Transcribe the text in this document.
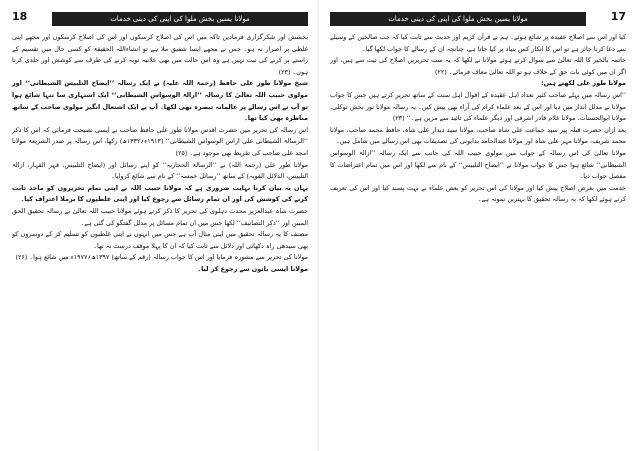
18	مولانا یسین بخش ملوا کی اپنی کی دینی خدمات

بخشش اور شکرگزاری فرمادیں تاکہ میں اس کی اصلاح کرسکوں اور اس کی اصلاح کرسکوں اور مجھے اپنی غلطی پر اصرار نہ ہو۔ جس نے مجھے ایسا شفیق ملا ہے تو انشاءاللہ الحقیقۃ کو کسی حال میں تقسیم کے راستے پر کرنے کی نیت نہیں ہے وہ اس حالت میں بھی علانیہ توبہ کرنے کی طرف سے کوشش اور جلدی کرتا ہوں۔ (۲۳)

شیخ مولانا طور علی حافظ (رحمۃ اللہ علیہ) نے ایک رسالہ ’’ایضاح التلبیس الشیطانی‘‘ اور مولوی حبیب اللہ تعالیٰ کا رسالہ ’’ازالۃ الوسواس الشیطانی‘‘ ایک اشتہاری سا تنہا شائع ہوا تو آپ نے اس رسالے پر عالمانہ تبصرہ بھی لکھا۔ آپ نے ایک اشتعال انگیز مولوی صاحب کے ساتھ مناظرہ بھی کیا تھا۔

اس رسالہ کی تحریر میں حضرت اقدس مولانا طور علی حافظ صاحب نے ایسی نصیحت فرمائی کہ اس کا ذکر ’’الرسالۃ الشیطانی علی اراس الوسواس الشیطانی‘‘ (۱۹۱۳ء؍۱۳۳۲ھ) رکھا، اس رسالہ پر صدر الشریعۃ مولانا امجد علی صاحب کی تقریظ بھی موجود ہے۔ (۲۵)

مولانا طور علی (رحمۃ اللہ) نے ’’الرسالۃ الحجازیہ‘‘ کو اپنے رسائل اور (ایضاح التلبیس، قہر القہار، ازالۃ التلبیس، الدلائل القویہ) کے ساتھ ’’رسائل خمسہ‘‘ کے نام سے شائع کروایا۔

یہاں یہ بیان کرنا نہایت ضروری ہے کہ مولانا حبیب اللہ نے اپنی تمام تحریروں کو ماخذ ثابت کرنے کی کوشش کی اور ان تمام رسائل سے رجوع کیا اور اپنی غلطیوں کا برملا اعتراف کیا۔

حضرت شاہ عبدالعزیز محدث دہلوی کی تحریر کا ذکر کرتے ہوئے مولانا حبیب اللہ تعالیٰ نے رسالہ تحقیق الحق المبین اور ’’ذکر التصانیف‘‘ لکھا جس میں ان تمام مسائل پر مدلل گفتگو کی گئی ہے۔

مصنف کا یہ رسالہ تحقیق میں اپنی مثال آپ ہے جس میں انہوں نے اپنی غلطیوں کو تسلیم کر کے دوسروں کو بھی سیدھی راہ دکھائی اور دلائل سے ثابت کیا کہ ان کا پہلا موقف درست نہ تھا۔

مولانا کی تحریر سے مشورہ فرمایا اور اس کا جواب رسالہ (رقم کے ساتھ) ۱۳۹۷ھ؍۱۹۷۷ء میں شائع ہوا۔ (۲۶)

مولانا ایسی باتوں سے رجوع کر لیا۔

17
مولانا یسین بخش ملوا کی اپنی کی دینی خدمات

کیا اور اس سے اصلاح عقیدہ پر شائع ہوئے۔ ہم نے قرآن کریم اور حدیث سے ثابت کیا کہ جب صالحین کے وسیلے سے دعا کرنا جائز ہے تو اس کا انکار کس بنیاد پر کیا جاتا ہے، چنانچہ ان کے رسالے کا جواب لکھا گیا۔

خاتمہ بالخیر کا اللہ تعالیٰ سے سوال کرتے ہوئے مولانا نے لکھا کہ یہ سب تحریریں اصلاح کی نیت سے ہیں، اور اگر ان میں کوئی بات حق کے خلاف ہو تو اللہ تعالیٰ معاف فرمائے۔ (۲۲)

مولانا طور علی لکھتے ہیں:

’’اس رسالہ میں پہلے صاحب کثیر تعداد اہل عقیدہ کے اقوال اہل سنت کے ساتھ تحریر کرتے ہیں جس کا جواب مولانا نے مدلل انداز میں دیا اور اس کے بعد علماء کرام کی آراء بھی پیش کیں۔ یہ رسالہ مولانا نور بخش توکلی، مولانا ابوالحسنات، مولانا غلام قادر اشرفی اور دیگر علماء کی تائید سے مزین ہے۔‘‘ (۲۳)

بعد ازاں حضرت قبلہ پیر سید جماعت علی شاہ صاحب، مولانا سید دیدار علی شاہ، حافظ محمد صاحب، مولانا محمد شریف، مولانا مہر علی شاہ اور مولانا عبدالحامد بدایونی کی تصدیقات بھی اس رسالے میں شامل ہیں۔

مولانا تعالیٰ کی اس رسالہ کے جواب میں مولوی حبیب اللہ کی جانب سے ایک رسالہ ’’ازالۃ الوسواس الشیطانی‘‘ شائع ہوا جس کا جواب مولانا نے ’’ایضاح التلبیس‘‘ کے نام سے لکھا اور اس میں تمام اعتراضات کا مفصل جواب دیا۔

خدمت میں بغرض اصلاح پیش کیا اور مولانا کی اس تحریر کو بعض علماء نے بہت پسند کیا اور اس کی تعریف کرتے ہوئے لکھا کہ یہ رسالہ تحقیق کا بہترین نمونہ ہے۔
